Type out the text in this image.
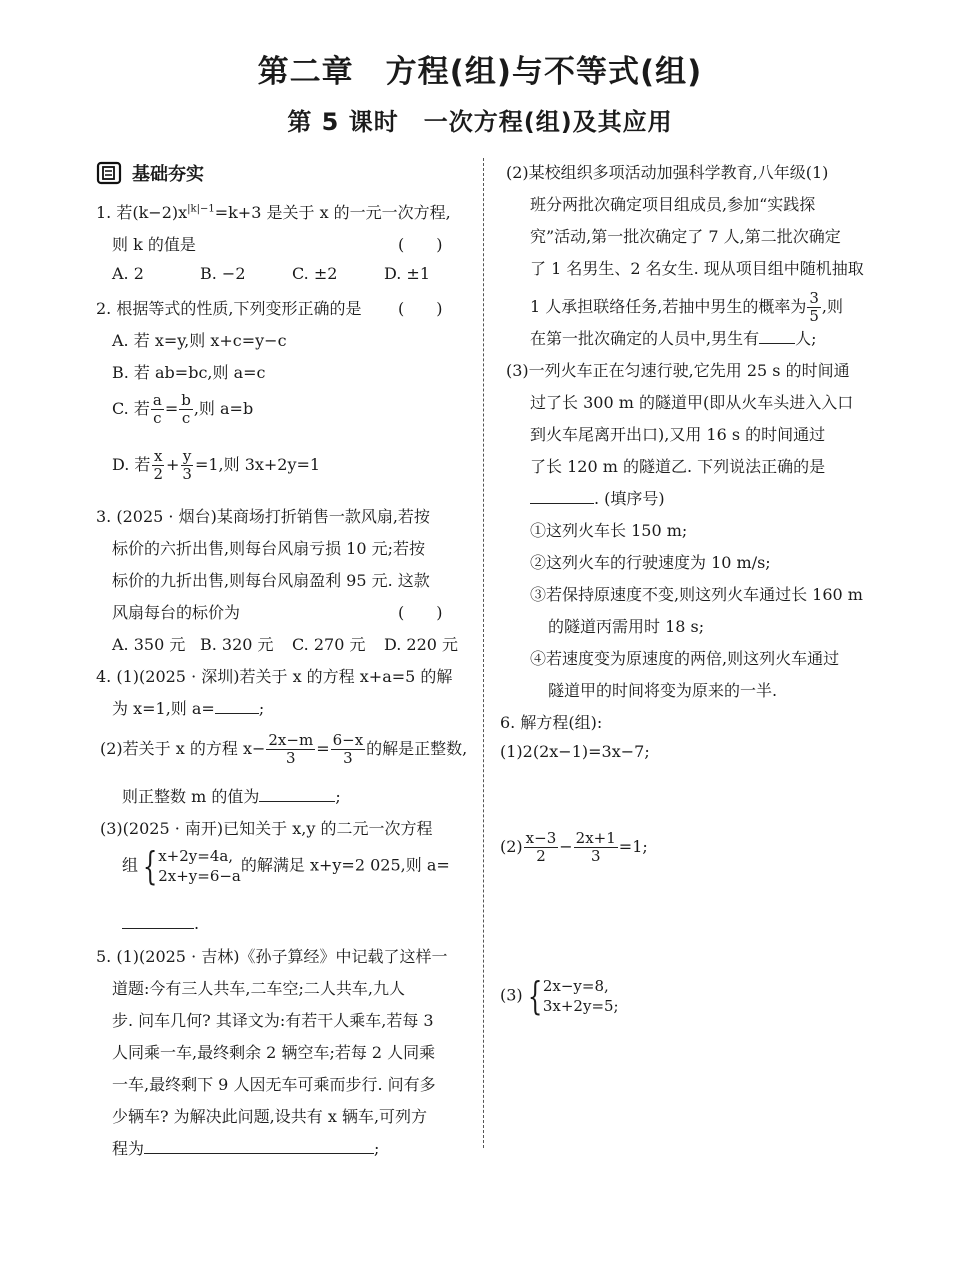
第二章　方程(组)与不等式(组)
第 5 课时　一次方程(组)及其应用
基础夯实
1. 若$(k-2)x^{|k|-1}=k+3$ 是关于 x 的一元一次方程,
则 k 的值是	(　　)
A. 2	B. −2	C. ±2	D. ±1
2. 根据等式的性质,下列变形正确的是 (　　)
A. 若 x=y,则 x+c=y−c
B. 若 ab=bc,则 a=c
C. 若 $\frac{a}{c} = \frac{b}{c}$ ,则 a=b
D. 若 $\frac{x}{2} + \frac{y}{3} =1$,则 3x+2y=1
3. (2025 · 烟台)某商场打折销售一款风扇,若按
标价的六折出售,则每台风扇亏损 10 元;若按
标价的九折出售,则每台风扇盈利 95 元. 这款
风扇每台的标价为	(　　)
A. 350 元 B. 320 元 C. 270 元 D. 220 元
4. (1)(2025 · 深圳)若关于 x 的方程 x+a=5 的解
为 x=1,则 a=	;
(2)若关于 x 的方程 $x- \frac{2x-m}{3} = \frac{6-x}{3}$ 的解是正整数,
则正整数 m 的值为	;
(3)(2025 · 南开)已知关于 x,y 的二元一次方程
组 { x+2y=4a,
2x+y=6−a
的解满足 x+y=2 025,则 a=
.
5. (1)(2025 · 吉林)《孙子算经》中记载了这样一
道题:今有三人共车,二车空;二人共车,九人
步. 问车几何? 其译文为:有若干人乘车,若每 3
人同乘一车,最终剩余 2 辆空车;若每 2 人同乘
一车,最终剩下 9 人因无车可乘而步行. 问有多
少辆车? 为解决此问题,设共有 x 辆车,可列方
程为	;
(2)某校组织多项活动加强科学教育,八年级(1)
班分两批次确定项目组成员,参加“实践探
究”活动,第一批次确定了 7 人,第二批次确定
了 1 名男生、2 名女生. 现从项目组中随机抽取
1 人承担联络任务,若抽中男生的概率为 $\frac{3}{5}$ ,则
在第一批次确定的人员中,男生有 人;
(3)一列火车正在匀速行驶,它先用 25 s 的时间通
过了长 300 m 的隧道甲(即从火车头进入入口
到火车尾离开出口),又用 16 s 的时间通过
了长 120 m 的隧道乙. 下列说法正确的是
. (填序号)
①这列火车长 150 m;
②这列火车的行驶速度为 10 m/s;
③若保持原速度不变,则这列火车通过长 160 m
的隧道丙需用时 18 s;
④若速度变为原速度的两倍,则这列火车通过
隧道甲的时间将变为原来的一半.
6. 解方程(组):
(1)2(2x−1)=3x−7;
$(2) \frac{x-3}{2} - \frac{2x+1}{3} =1$;
(3) { 2x−y=8,
3x+2y=5;
